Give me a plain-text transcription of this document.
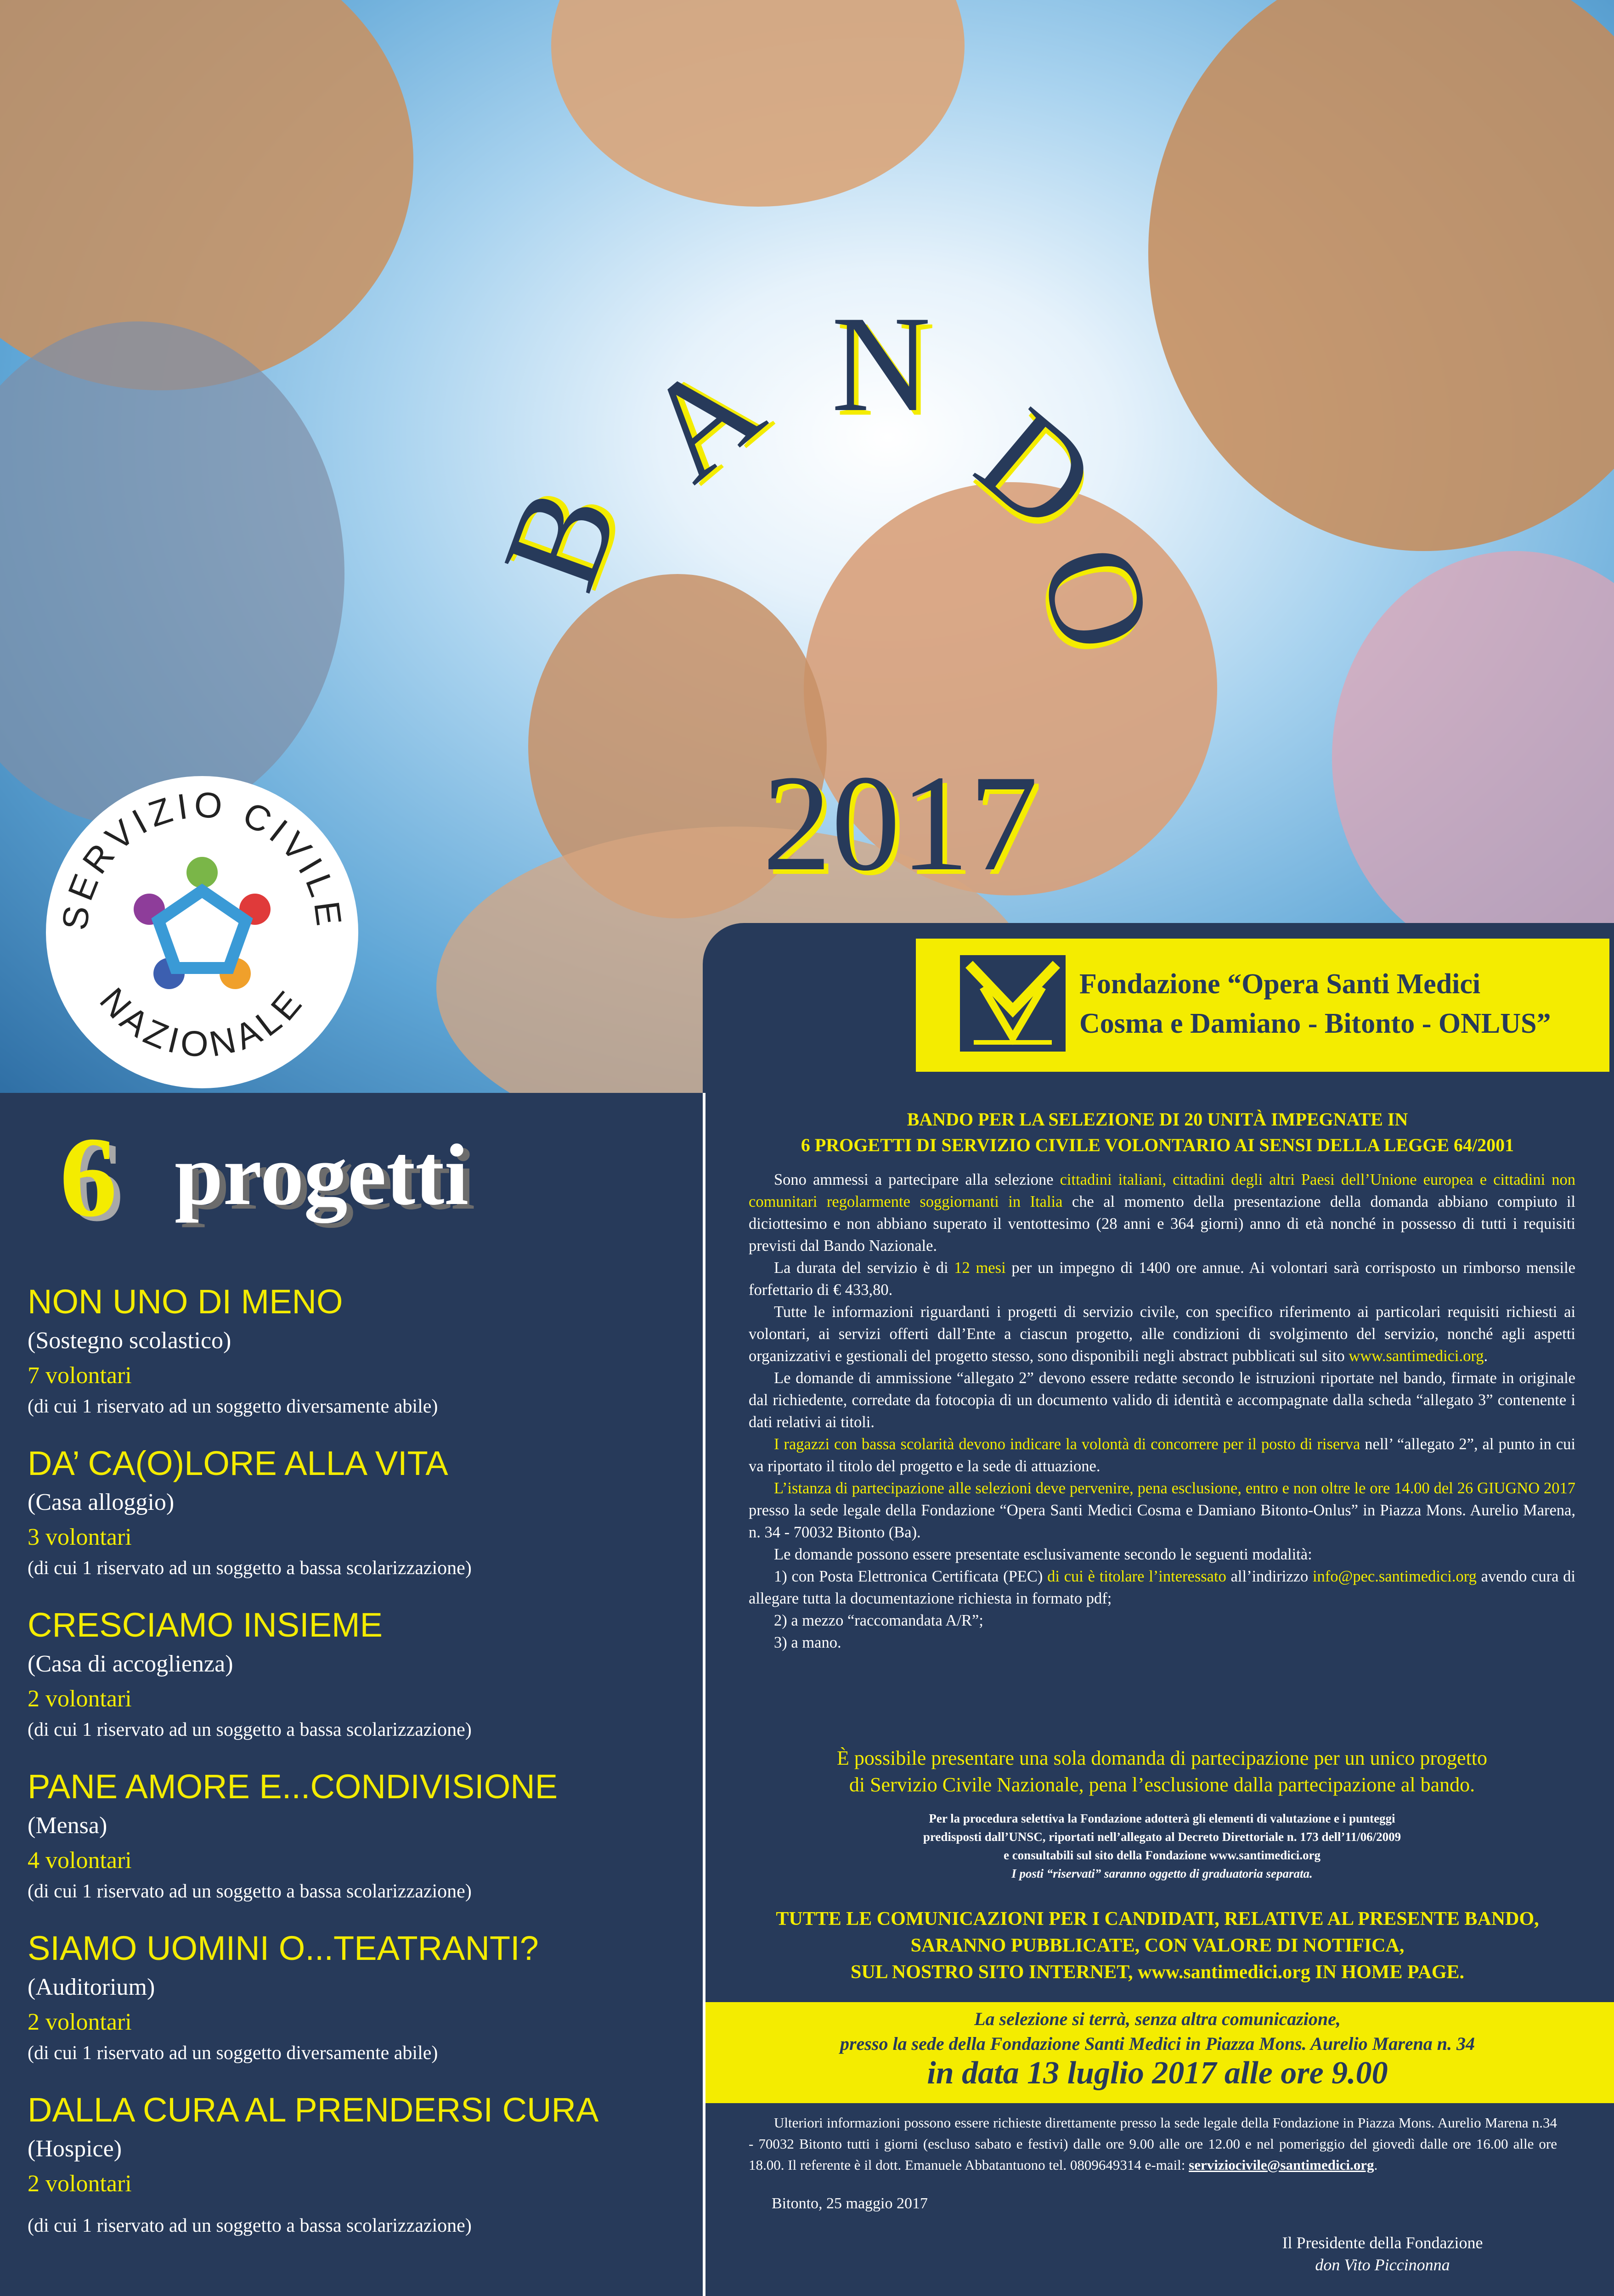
B
A N
D
O
2017
SERVIZIO CIVILE
NAZIONALE	Fondazione “Opera Santi Medici
Cosma e Damiano - Bitonto - ONLUS”
6 progetti
NON UNO DI MENO
(Sostegno scolastico)
7 volontari
(di cui 1 riservato ad un soggetto diversamente abile)
DA’ CA(O)LORE ALLA VITA
(Casa alloggio)
3 volontari
(di cui 1 riservato ad un soggetto a bassa scolarizzazione)
CRESCIAMO INSIEME
(Casa di accoglienza)
2 volontari
(di cui 1 riservato ad un soggetto a bassa scolarizzazione)
PANE AMORE E...CONDIVISIONE
(Mensa)
4 volontari
(di cui 1 riservato ad un soggetto a bassa scolarizzazione)
SIAMO UOMINI O...TEATRANTI?
(Auditorium)
2 volontari
(di cui 1 riservato ad un soggetto diversamente abile)
DALLA CURA AL PRENDERSI CURA
(Hospice)
2 volontari
(di cui 1 riservato ad un soggetto a bassa scolarizzazione)
BANDO PER LA SELEZIONE DI 20 UNITÀ IMPEGNATE IN
6 PROGETTI DI SERVIZIO CIVILE VOLONTARIO AI SENSI DELLA LEGGE 64/2001

Sono ammessi a partecipare alla selezione cittadini italiani, cittadini degli altri Paesi dell’Unione europea e cittadini non comunitari regolarmente soggiornanti in Italia che al momento della presentazione della domanda abbiano compiuto il diciottesimo e non abbiano superato il ventottesimo (28 anni e 364 giorni) anno di età nonché in possesso di tutti i requisiti previsti dal Bando Nazionale.

La durata del servizio è di 12 mesi per un impegno di 1400 ore annue. Ai volontari sarà corrisposto un rimborso mensile forfettario di € 433,80.

Tutte le informazioni riguardanti i progetti di servizio civile, con specifico riferimento ai particolari requisiti richiesti ai volontari, ai servizi offerti dall’Ente a ciascun progetto, alle condizioni di svolgimento del servizio, nonché agli aspetti organizzativi e gestionali del progetto stesso, sono disponibili negli abstract pubblicati sul sito www.santimedici.org.

Le domande di ammissione “allegato 2” devono essere redatte secondo le istruzioni riportate nel bando, firmate in originale dal richiedente, corredate da fotocopia di un documento valido di identità e accompagnate dalla scheda “allegato 3” contenente i dati relativi ai titoli.

I ragazzi con bassa scolarità devono indicare la volontà di concorrere per il posto di riserva nell’ “allegato 2”, al punto in cui va riportato il titolo del progetto e la sede di attuazione.

L’istanza di partecipazione alle selezioni deve pervenire, pena esclusione, entro e non oltre le ore 14.00 del 26 GIUGNO 2017 presso la sede legale della Fondazione “Opera Santi Medici Cosma e Damiano Bitonto-Onlus” in Piazza Mons. Aurelio Marena, n. 34 - 70032 Bitonto (Ba).

Le domande possono essere presentate esclusivamente secondo le seguenti modalità:

1) con Posta Elettronica Certificata (PEC) di cui è titolare l’interessato all’indirizzo info@pec.santimedici.org avendo cura di allegare tutta la documentazione richiesta in formato pdf;

2) a mezzo “raccomandata A/R”;

3) a mano.

È possibile presentare una sola domanda di partecipazione per un unico progetto
di Servizio Civile Nazionale, pena l’esclusione dalla partecipazione al bando.
Per la procedura selettiva la Fondazione adotterà gli elementi di valutazione e i punteggi
predisposti dall’UNSC, riportati nell’allegato al Decreto Direttoriale n. 173 dell’11/06/2009
e consultabili sul sito della Fondazione www.santimedici.org
I posti “riservati” saranno oggetto di graduatoria separata.
TUTTE LE COMUNICAZIONI PER I CANDIDATI, RELATIVE AL PRESENTE BANDO,
SARANNO PUBBLICATE, CON VALORE DI NOTIFICA,
SUL NOSTRO SITO INTERNET, www.santimedici.org IN HOME PAGE.
La selezione si terrà, senza altra comunicazione,
presso la sede della Fondazione Santi Medici in Piazza Mons. Aurelio Marena n. 34
in data 13 luglio 2017 alle ore 9.00
Ulteriori informazioni possono essere richieste direttamente presso la sede legale della Fondazione in Piazza Mons. Aurelio Marena n.34 - 70032 Bitonto tutti i giorni (escluso sabato e festivi) dalle ore 9.00 alle ore 12.00 e nel pomeriggio del giovedì dalle ore 16.00 alle ore 18.00. Il referente è il dott. Emanuele Abbatantuono tel. 0809649314 e-mail: serviziocivile@santimedici.org.
Bitonto, 25 maggio 2017
Il Presidente della Fondazione
don Vito Piccinonna
